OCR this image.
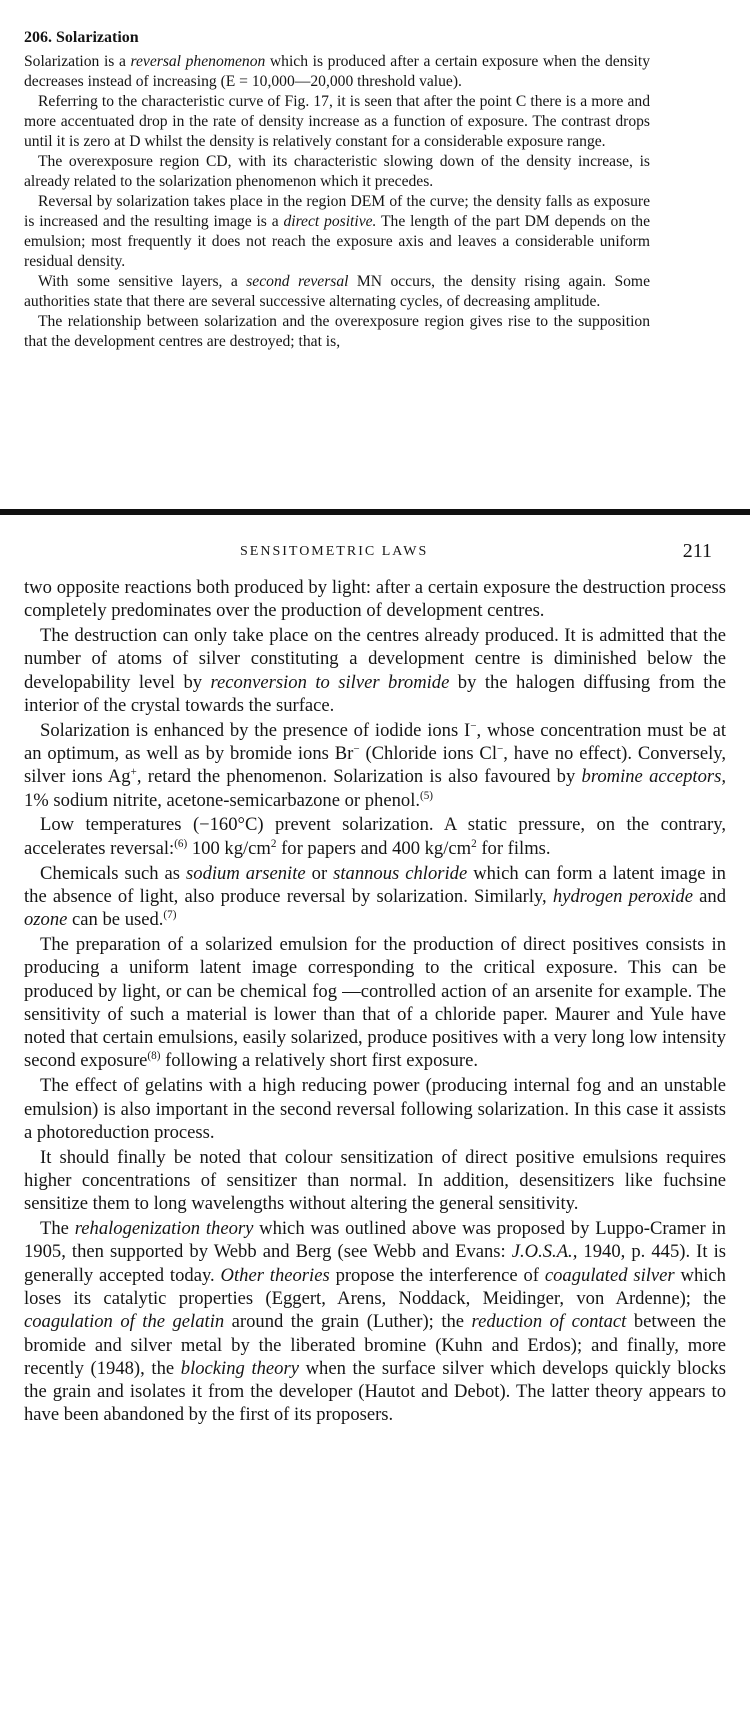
206. Solarization

Solarization is a reversal phenomenon which is produced after a certain exposure when the density decreases instead of increasing (E = 10,000—20,000 threshold value).

Referring to the characteristic curve of Fig. 17, it is seen that after the point C there is a more and more accentuated drop in the rate of density increase as a function of exposure. The contrast drops until it is zero at D whilst the density is relatively constant for a considerable exposure range.

The overexposure region CD, with its characteristic slowing down of the density increase, is already related to the solarization phenomenon which it precedes.

Reversal by solarization takes place in the region DEM of the curve; the density falls as exposure is increased and the resulting image is a direct positive. The length of the part DM depends on the emulsion; most frequently it does not reach the exposure axis and leaves a considerable uniform residual density.

With some sensitive layers, a second reversal MN occurs, the density rising again. Some authorities state that there are several successive alternating cycles, of decreasing amplitude.

The relationship between solarization and the overexposure region gives rise to the supposition that the development centres are destroyed; that is,

SENSITOMETRIC LAWS	211

two opposite reactions both produced by light: after a certain exposure the destruction process completely predominates over the production of development centres.

The destruction can only take place on the centres already produced. It is admitted that the number of atoms of silver constituting a development centre is diminished below the developability level by reconversion to silver bromide by the halogen diffusing from the interior of the crystal towards the surface.

Solarization is enhanced by the presence of iodide ions I−, whose concentration must be at an optimum, as well as by bromide ions Br− (Chloride ions Cl−, have no effect). Conversely, silver ions Ag+, retard the phenomenon. Solarization is also favoured by bromine acceptors, 1% sodium nitrite, acetone-semicarbazone or phenol.$^{(5)}$

Low temperatures (−160°C) prevent solarization. A static pressure, on the contrary, accelerates reversal:$^{(6)}$ 100 $kg/cm^2$ for papers and 400 $kg/cm^2$ for films.

Chemicals such as sodium arsenite or stannous chloride which can form a latent image in the absence of light, also produce reversal by solarization. Similarly, hydrogen peroxide and ozone can be used.$^{(7)}$

The preparation of a solarized emulsion for the production of direct positives consists in producing a uniform latent image corresponding to the critical exposure. This can be produced by light, or can be chemical fog —controlled action of an arsenite for example. The sensitivity of such a material is lower than that of a chloride paper. Maurer and Yule have noted that certain emulsions, easily solarized, produce positives with a very long low intensity second exposure$^{(8)}$ following a relatively short first exposure.

The effect of gelatins with a high reducing power (producing internal fog and an unstable emulsion) is also important in the second reversal following solarization. In this case it assists a photoreduction process.

It should finally be noted that colour sensitization of direct positive emulsions requires higher concentrations of sensitizer than normal. In addition, desensitizers like fuchsine sensitize them to long wavelengths without altering the general sensitivity.

The rehalogenization theory which was outlined above was proposed by Luppo-Cramer in 1905, then supported by Webb and Berg (see Webb and Evans: J.O.S.A., 1940, p. 445). It is generally accepted today. Other theories propose the interference of coagulated silver which loses its catalytic properties (Eggert, Arens, Noddack, Meidinger, von Ardenne); the coagulation of the gelatin around the grain (Luther); the reduction of contact between the bromide and silver metal by the liberated bromine (Kuhn and Erdos); and finally, more recently (1948), the blocking theory when the surface silver which develops quickly blocks the grain and isolates it from the developer (Hautot and Debot). The latter theory appears to have been abandoned by the first of its proposers.
